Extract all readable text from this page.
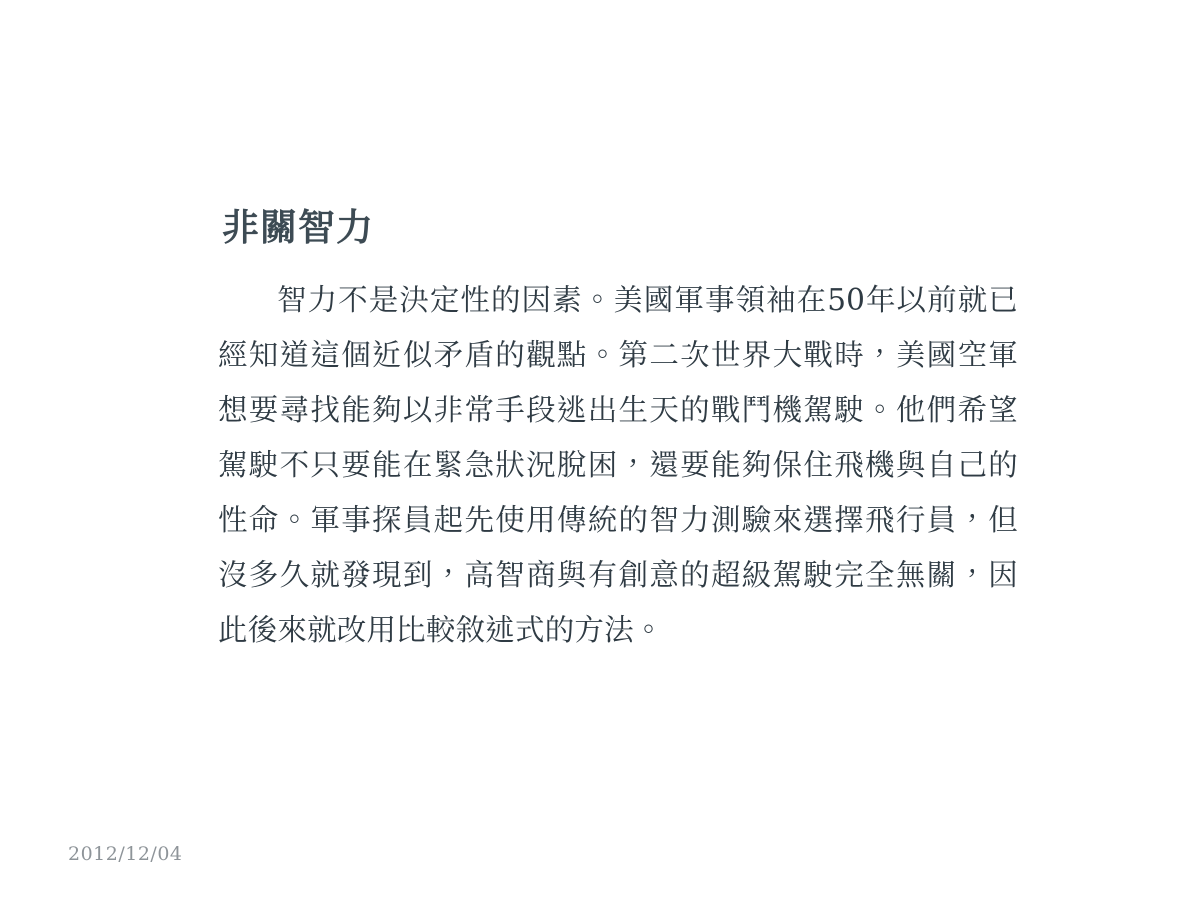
非關智力

智力不是決定性的因素。美國軍事領袖在50年以前就已經知道這個近似矛盾的觀點。第二次世界大戰時，美國空軍想要尋找能夠以非常手段逃出生天的戰鬥機駕駛。他們希望駕駛不只要能在緊急狀況脫困，還要能夠保住飛機與自己的性命。軍事探員起先使用傳統的智力測驗來選擇飛行員，但沒多久就發現到，高智商與有創意的超級駕駛完全無關，因此後來就改用比較敘述式的方法。

2012/12/04
